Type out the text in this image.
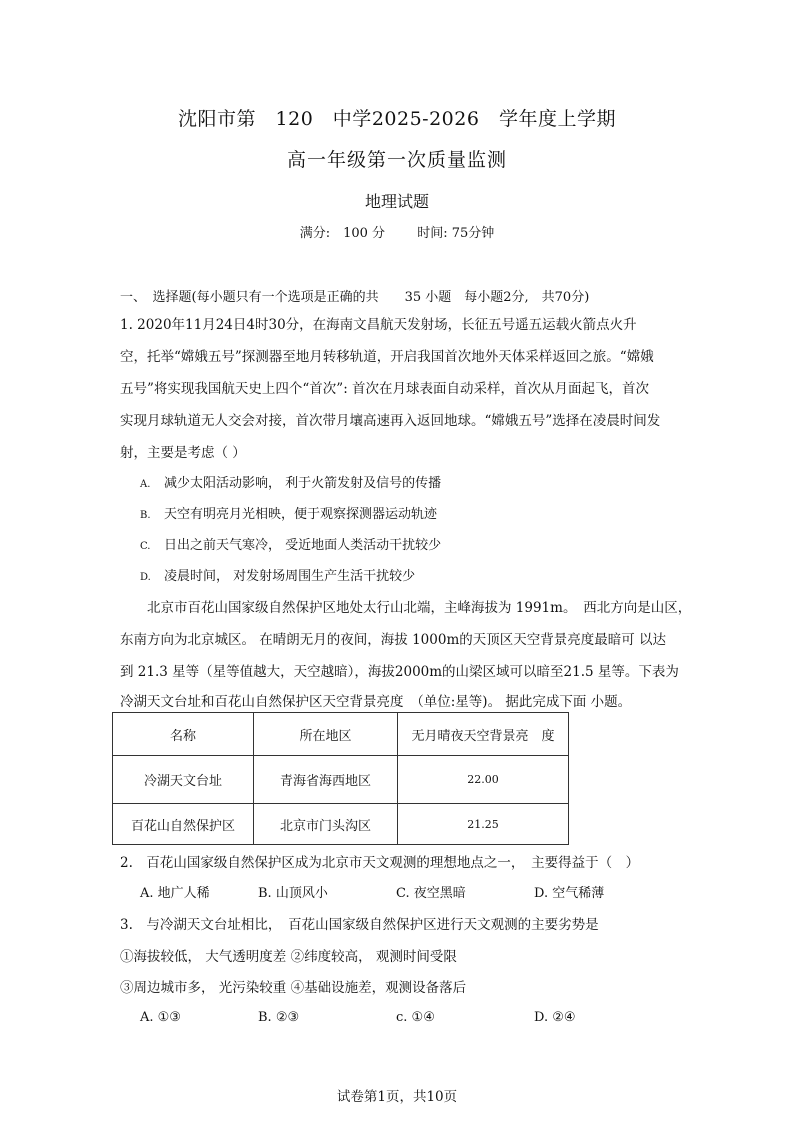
沈阳市第　120　中学2025-2026　学年度上学期
高一年级第一次质量监测
地理试题
满分:　100 分 时间: 75分钟
一、　选择题(每小题只有一个选项是正确的共　　35 小题　每小题2分,　共70分)
1. 2020年11月24日4时30分，在海南文昌航天发射场，长征五号遥五运载火箭点火升
空，托举“嫦娥五号”探测器至地月转移轨道，开启我国首次地外天体采样返回之旅。“嫦娥
五号”将实现我国航天史上四个“首次”: 首次在月球表面自动采样，首次从月面起飞，首次
实现月球轨道无人交会对接，首次带月壤高速再入返回地球。“嫦娥五号”选择在凌晨时间发
射，主要是考虑（ ）
A. 减少太阳活动影响， 利于火箭发射及信号的传播
B. 天空有明亮月光相映，便于观察探测器运动轨迹
C. 日出之前天气寒冷， 受近地面人类活动干扰较少
D. 凌晨时间， 对发射场周围生产生活干扰较少
　　北京市百花山国家级自然保护区地处太行山北端，主峰海拔为 1991m。　西北方向是山区，
东南方向为北京城区。 在晴朗无月的夜间，海拔 1000m的天顶区天空背景亮度最暗可 以达
到 21.3 星等（星等值越大，天空越暗），海拔2000m的山梁区域可以暗至21.5 星等。下表为
冷湖天文台址和百花山自然保护区天空背景亮度　（单位:星等)。 据此完成下面 小题。
名称	所在地区	无月晴夜天空背景亮　度
冷湖天文台址	青海省海西地区	22.00
百花山自然保护区	北京市门头沟区	21.25
2.　百花山国家级自然保护区成为北京市天文观测的理想地点之一，　主要得益于（　）
A. 地广人稀	B. 山顶风小	C. 夜空黑暗	D. 空气稀薄
3.　与冷湖天文台址相比，　百花山国家级自然保护区进行天文观测的主要劣势是
①海拔较低， 大气透明度差 ②纬度较高， 观测时间受限
③周边城市多， 光污染较重 ④基础设施差，观测设备落后
A. ①③	B. ②③	c. ①④	D. ②④
试卷第1页，共10页
